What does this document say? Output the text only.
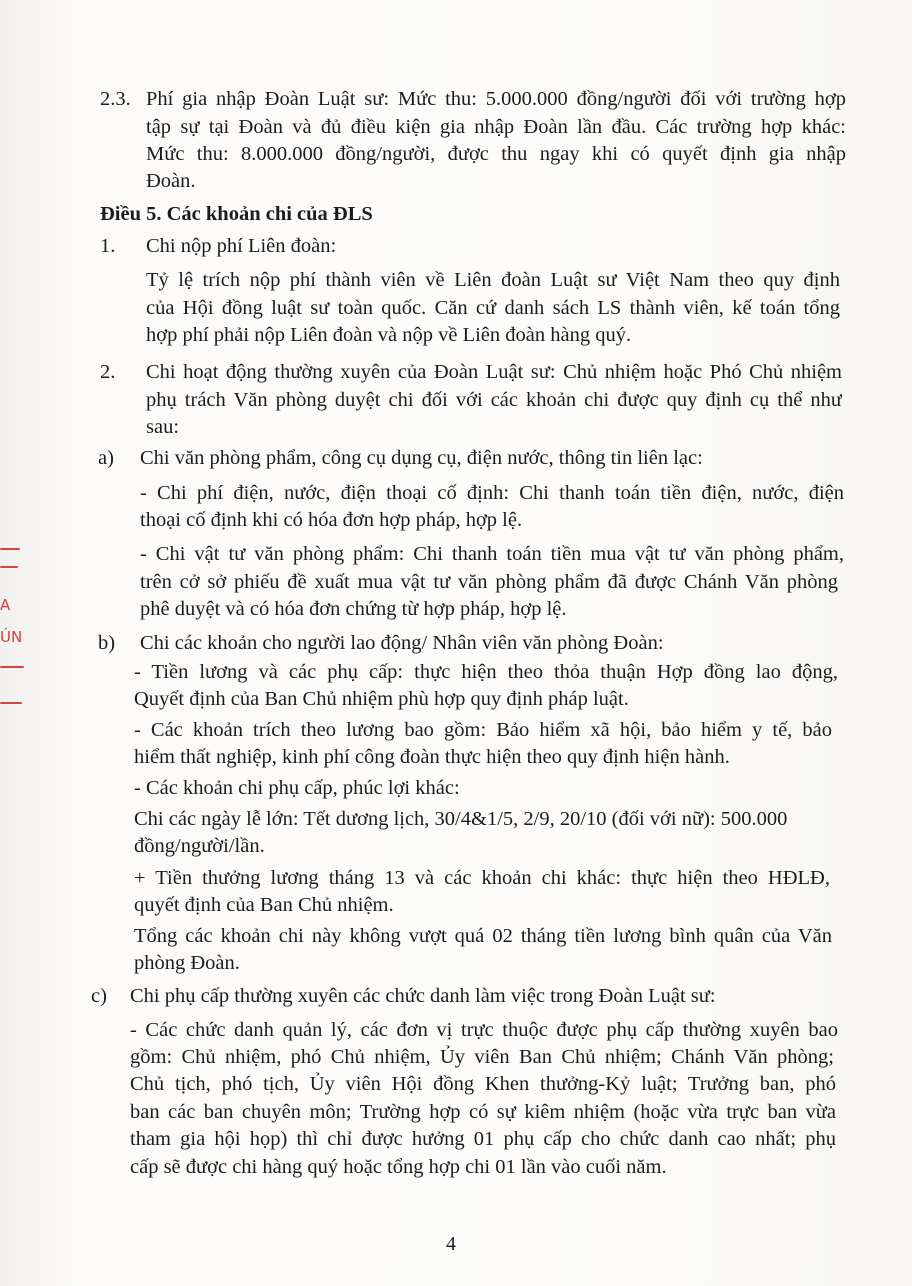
2.3. Phí gia nhập Đoàn Luật sư: Mức thu: 5.000.000 đồng/người đối với trường hợp
tập sự tại Đoàn và đủ điều kiện gia nhập Đoàn lần đầu. Các trường hợp khác:
Mức thu: 8.000.000 đồng/người, được thu ngay khi có quyết định gia nhập
Đoàn.
Điều 5. Các khoản chi của ĐLS
1. Chi nộp phí Liên đoàn:
Tỷ lệ trích nộp phí thành viên về Liên đoàn Luật sư Việt Nam theo quy định
của Hội đồng luật sư toàn quốc. Căn cứ danh sách LS thành viên, kế toán tổng
hợp phí phải nộp Liên đoàn và nộp về Liên đoàn hàng quý.
2. Chi hoạt động thường xuyên của Đoàn Luật sư: Chủ nhiệm hoặc Phó Chủ nhiệm
phụ trách Văn phòng duyệt chi đối với các khoản chi được quy định cụ thể như
sau:
a) Chi văn phòng phẩm, công cụ dụng cụ, điện nước, thông tin liên lạc:
- Chi phí điện, nước, điện thoại cố định: Chi thanh toán tiền điện, nước, điện
thoại cố định khi có hóa đơn hợp pháp, hợp lệ.
- Chi vật tư văn phòng phẩm: Chi thanh toán tiền mua vật tư văn phòng phẩm,
trên cở sở phiếu đề xuất mua vật tư văn phòng phẩm đã được Chánh Văn phòng
phê duyệt và có hóa đơn chứng từ hợp pháp, hợp lệ.
b) Chi các khoản cho người lao động/ Nhân viên văn phòng Đoàn:
- Tiền lương và các phụ cấp: thực hiện theo thỏa thuận Hợp đồng lao động,
Quyết định của Ban Chủ nhiệm phù hợp quy định pháp luật.
- Các khoản trích theo lương bao gồm: Bảo hiểm xã hội, bảo hiểm y tế, bảo
hiểm thất nghiệp, kinh phí công đoàn thực hiện theo quy định hiện hành.
- Các khoản chi phụ cấp, phúc lợi khác:
Chi các ngày lễ lớn: Tết dương lịch, 30/4&1/5, 2/9, 20/10 (đối với nữ): 500.000
đồng/người/lần.
+ Tiền thưởng lương tháng 13 và các khoản chi khác: thực hiện theo HĐLĐ,
quyết định của Ban Chủ nhiệm.
Tổng các khoản chi này không vượt quá 02 tháng tiền lương bình quân của Văn
phòng Đoàn.
c) Chi phụ cấp thường xuyên các chức danh làm việc trong Đoàn Luật sư:
- Các chức danh quản lý, các đơn vị trực thuộc được phụ cấp thường xuyên bao
gồm: Chủ nhiệm, phó Chủ nhiệm, Ủy viên Ban Chủ nhiệm; Chánh Văn phòng;
Chủ tịch, phó tịch, Ủy viên Hội đồng Khen thưởng-Kỷ luật; Trưởng ban, phó
ban các ban chuyên môn; Trường hợp có sự kiêm nhiệm (hoặc vừa trực ban vừa
tham gia hội họp) thì chỉ được hưởng 01 phụ cấp cho chức danh cao nhất; phụ
cấp sẽ được chi hàng quý hoặc tổng hợp chi 01 lần vào cuối năm.
4
A
ÚN
